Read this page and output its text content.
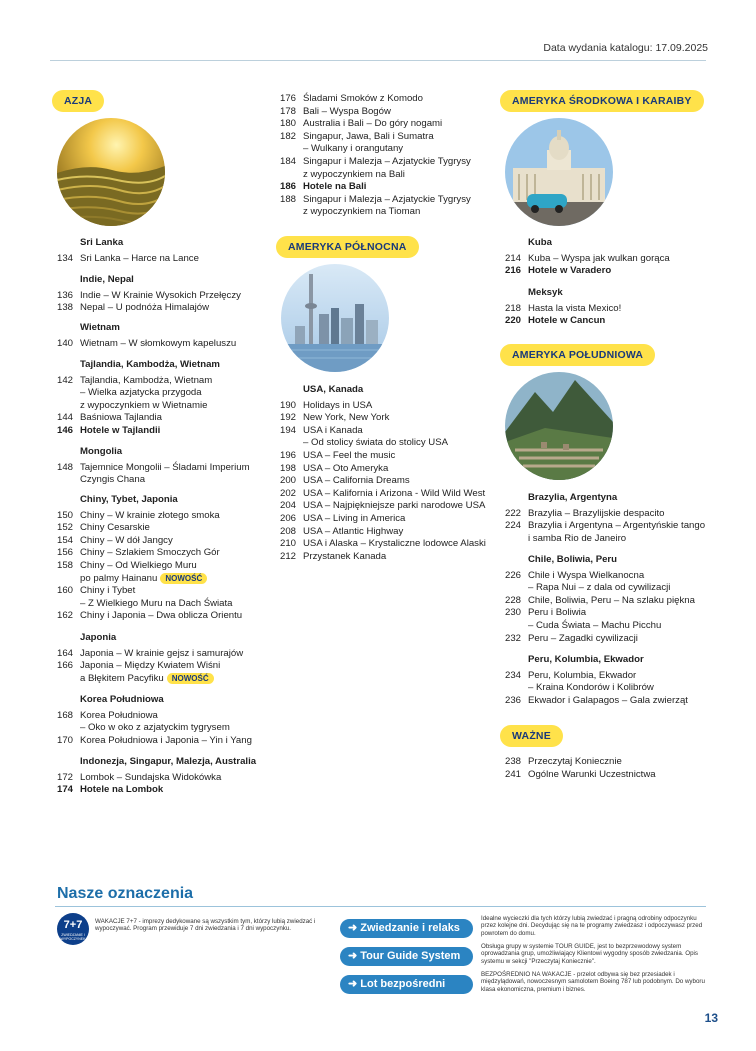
Data wydania katalogu: 17.09.2025
AZJA
Sri Lanka
134 Sri Lanka – Harce na Lance
Indie, Nepal
136 Indie – W Krainie Wysokich Przełęczy
138 Nepal – U podnóża Himalajów
Wietnam
140 Wietnam – W słomkowym kapeluszu
Tajlandia, Kambodża, Wietnam
142 Tajlandia, Kambodża, Wietnam
– Wielka azjatycka przygoda
z wypoczynkiem w Wietnamie
144 Baśniowa Tajlandia
146 Hotele w Tajlandii
Mongolia
148 Tajemnice Mongolii – Śladami Imperium
Czyngis Chana
Chiny, Tybet, Japonia
150 Chiny – W krainie złotego smoka
152 Chiny Cesarskie
154 Chiny – W dół Jangcy
156 Chiny – Szlakiem Smoczych Gór
158 Chiny – Od Wielkiego Muru
po palmy Hainanu NOWOŚĆ
160 Chiny i Tybet
– Z Wielkiego Muru na Dach Świata
162 Chiny i Japonia – Dwa oblicza Orientu
Japonia
164 Japonia – W krainie gejsz i samurajów
166 Japonia – Między Kwiatem Wiśni
a Błękitem Pacyfiku NOWOŚĆ
Korea Południowa
168 Korea Południowa
– Oko w oko z azjatyckim tygrysem
170 Korea Południowa i Japonia – Yin i Yang
Indonezja, Singapur, Malezja, Australia
172 Lombok – Sundajska Widokówka
174 Hotele na Lombok
176 Śladami Smoków z Komodo
178 Bali – Wyspa Bogów
180 Australia i Bali – Do góry nogami
182 Singapur, Jawa, Bali i Sumatra
– Wulkany i orangutany
184 Singapur i Malezja – Azjatyckie Tygrysy
z wypoczynkiem na Bali
186 Hotele na Bali
188 Singapur i Malezja – Azjatyckie Tygrysy
z wypoczynkiem na Tioman
AMERYKA PÓŁNOCNA
USA, Kanada
190 Holidays in USA
192 New York, New York
194 USA i Kanada
– Od stolicy świata do stolicy USA
196 USA – Feel the music
198 USA – Oto Ameryka
200 USA – California Dreams
202 USA – Kalifornia i Arizona - Wild Wild West
204 USA – Najpiękniejsze parki narodowe USA
206 USA – Living in America
208 USA – Atlantic Highway
210 USA i Alaska – Krystaliczne lodowce Alaski
212 Przystanek Kanada
AMERYKA ŚRODKOWA I KARAIBY
Kuba
214 Kuba – Wyspa jak wulkan gorąca
216 Hotele w Varadero
Meksyk
218 Hasta la vista Mexico!
220 Hotele w Cancun
AMERYKA POŁUDNIOWA
Brazylia, Argentyna
222 Brazylia – Brazylijskie despacito
224 Brazylia i Argentyna – Argentyńskie tango
i samba Rio de Janeiro
Chile, Boliwia, Peru
226 Chile i Wyspa Wielkanocna
– Rapa Nui – z dala od cywilizacji
228 Chile, Boliwia, Peru – Na szlaku piękna
230 Peru i Boliwia
– Cuda Świata – Machu Picchu
232 Peru – Zagadki cywilizacji
Peru, Kolumbia, Ekwador
234 Peru, Kolumbia, Ekwador
– Kraina Kondorów i Kolibrów
236 Ekwador i Galapagos – Gala zwierząt
WAŻNE
238 Przeczytaj Koniecznie
241 Ogólne Warunki Uczestnictwa
Nasze oznaczenia
7+7
ZWIEDZANIE I WYPOCZYNEK
WAKACJE 7+7 - imprezy dedykowane są wszystkim tym, którzy lubią zwiedzać i wypoczywać. Program przewiduje 7 dni zwiedzania i 7 dni wypoczynku.	➜ Zwiedzanie i relaks
Idealne wycieczki dla tych którzy lubią zwiedzać i pragną odrobiny odpoczynku przez kolejne dni. Decydując się na te programy zwiedzasz i odpoczywasz przed powrotem do domu.
➜ Tour Guide System
Obsługa grupy w systemie TOUR GUIDE, jest to bezprzewodowy system oprowadzania grup, umożliwiający Klientowi wygodny sposób zwiedzania. Opis systemu w sekcji "Przeczytaj Koniecznie".
➜ Lot bezpośredni
BEZPOŚREDNIO NA WAKACJE - przelot odbywa się bez przesiadek i międzylądowań, nowoczesnym samolotem Boeing 787 lub podobnym. Do wyboru klasa ekonomiczna, premium i biznes.
13
